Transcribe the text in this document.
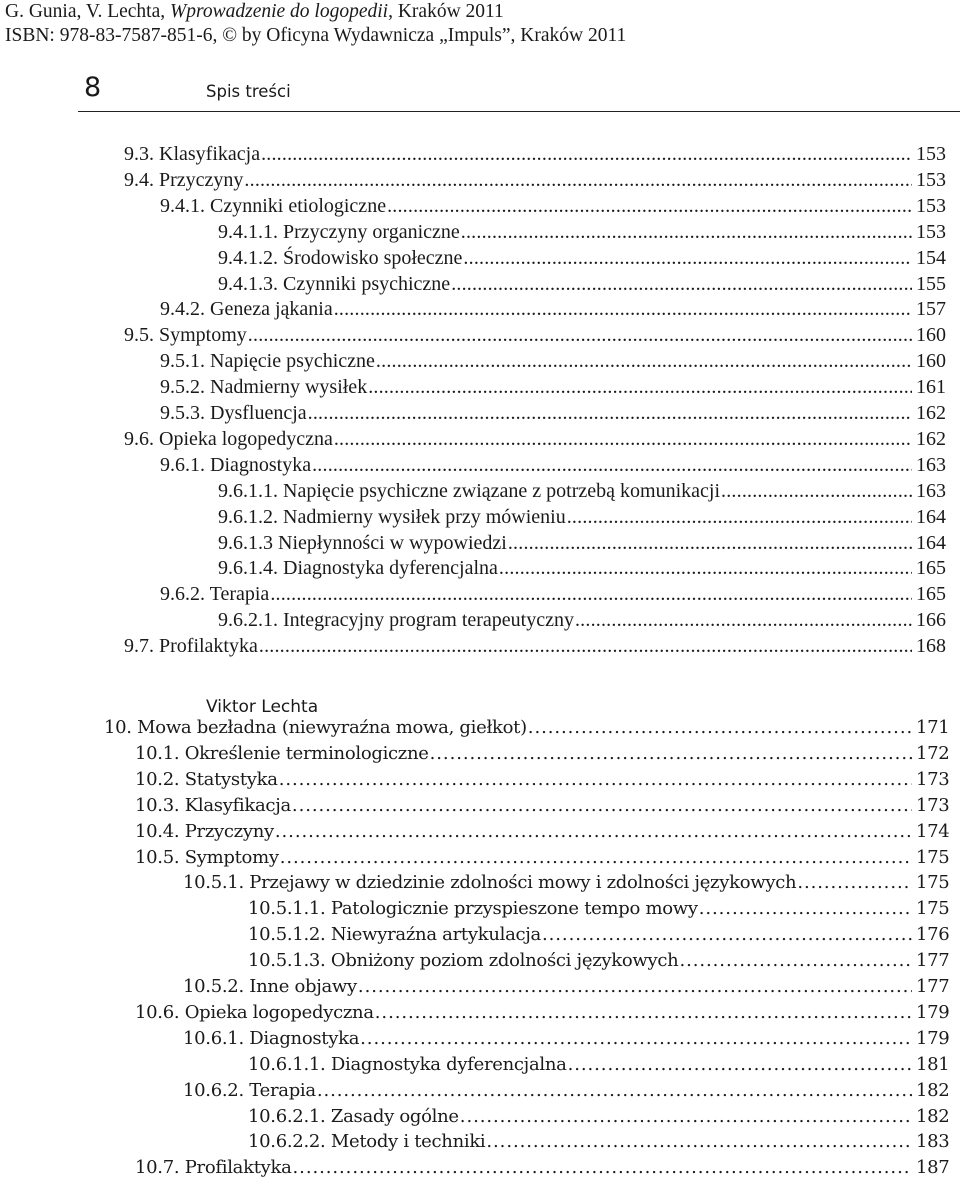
G. Gunia, V. Lechta, Wprowadzenie do logopedii, Kraków 2011
ISBN: 978-83-7587-851-6, © by Oficyna Wydawnicza „Impuls”, Kraków 2011
8	Spis treści
9.3. Klasyfikacja . . .	153
9.4. Przyczyny . . .	153
9.4.1. Czynniki etiologiczne . . .	153
9.4.1.1. Przyczyny organiczne . . .	153
9.4.1.2. Środowisko społeczne . . .	154
9.4.1.3. Czynniki psychiczne . . .	155
9.4.2. Geneza jąkania . . .	157
9.5. Symptomy . . .	160
9.5.1. Napięcie psychiczne . . .	160
9.5.2. Nadmierny wysiłek . . .	161
9.5.3. Dysfluencja . . .	162
9.6. Opieka logopedyczna . . .	162
9.6.1. Diagnostyka . . .	163
9.6.1.1. Napięcie psychiczne związane z potrzebą komunikacji . . .	163
9.6.1.2. Nadmierny wysiłek przy mówieniu . . .	164
9.6.1.3 Niepłynności w wypowiedzi . . .	164
9.6.1.4. Diagnostyka dyferencjalna . . .	165
9.6.2. Terapia . . .	165
9.6.2.1. Integracyjny program terapeutyczny . . .	166
9.7. Profilaktyka . . .	168
10. Mowa bezładna (niewyraźna mowa, giełkot) . . .	171
10.1. Określenie terminologiczne . . .	172
10.2. Statystyka . . .	173
10.3. Klasyfikacja . . .	173
10.4. Przyczyny . . .	174
10.5. Symptomy . . .	175
10.5.1. Przejawy w dziedzinie zdolności mowy i zdolności językowych . . .	175
10.5.1.1. Patologicznie przyspieszone tempo mowy . . .	175
10.5.1.2. Niewyraźna artykulacja . . .	176
10.5.1.3. Obniżony poziom zdolności językowych . . .	177
10.5.2. Inne objawy . . .	177
10.6. Opieka logopedyczna . . .	179
10.6.1. Diagnostyka . . .	179
10.6.1.1. Diagnostyka dyferencjalna . . .	181
10.6.2. Terapia . . .	182
10.6.2.1. Zasady ogólne . . .	182
10.6.2.2. Metody i techniki . . .	183
10.7. Profilaktyka . . .	187
Viktor Lechta
